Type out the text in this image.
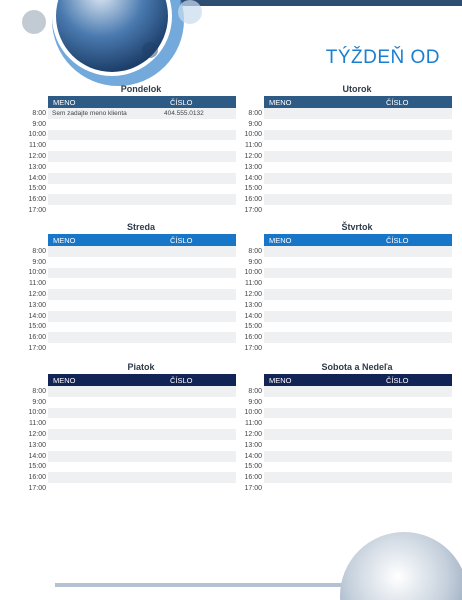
TÝŽDEŇ OD
Pondelok
MENO	ČÍSLO
8:00 Sem zadajte meno klienta	404.555.0132
9:00
10:00
11:00
12:00
13:00
14:00
15:00
16:00
17:00
Utorok
MENO	ČÍSLO
8:00
9:00
10:00
11:00
12:00
13:00
14:00
15:00
16:00
17:00
Streda
MENO	ČÍSLO
8:00
9:00
10:00
11:00
12:00
13:00
14:00
15:00
16:00
17:00
Štvrtok
MENO	ČÍSLO
8:00
9:00
10:00
11:00
12:00
13:00
14:00
15:00
16:00
17:00
Piatok
MENO	ČÍSLO
8:00
9:00
10:00
11:00
12:00
13:00
14:00
15:00
16:00
17:00
Sobota a Nedeľa
MENO	ČÍSLO
8:00
9:00
10:00
11:00
12:00
13:00
14:00
15:00
16:00
17:00
